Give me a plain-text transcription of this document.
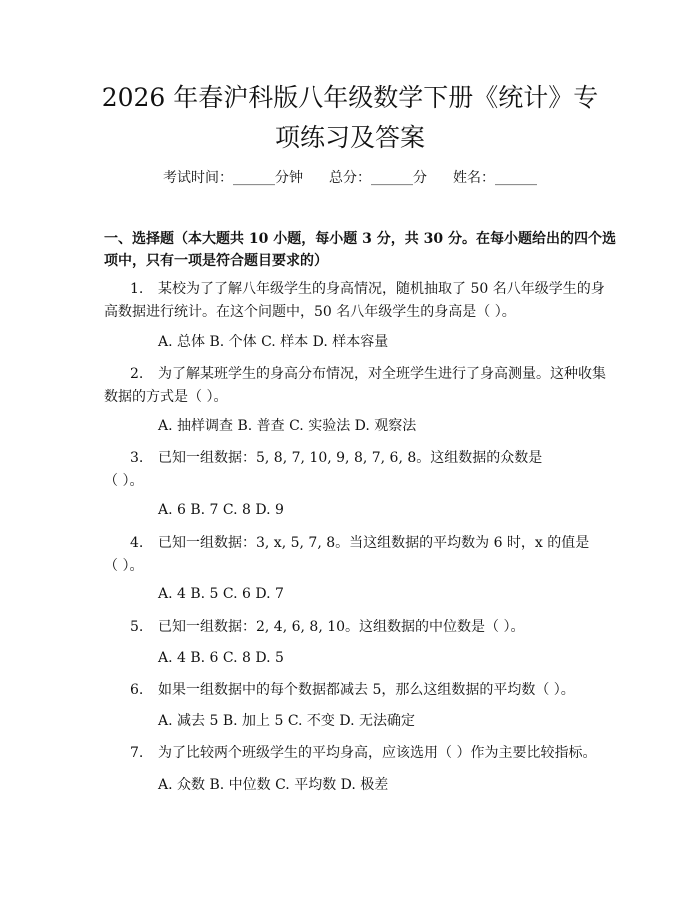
2026 年春沪科版八年级数学下册《统计》专
项练习及答案
考试时间：______分钟 总分：______分 姓名：______
一、选择题（本大题共 10 小题，每小题 3 分，共 30 分。在每小题给出的四个选
项中，只有一项是符合题目要求的）
1. 某校为了了解八年级学生的身高情况，随机抽取了 50 名八年级学生的身
高数据进行统计。在这个问题中，50 名八年级学生的身高是（ ）。
A. 总体 B. 个体 C. 样本 D. 样本容量
2. 为了解某班学生的身高分布情况，对全班学生进行了身高测量。这种收集
数据的方式是（ ）。
A. 抽样调查 B. 普查 C. 实验法 D. 观察法
3. 已知一组数据：5, 8, 7, 10, 9, 8, 7, 6, 8。这组数据的众数是
（ ）。
A. 6 B. 7 C. 8 D. 9
4. 已知一组数据：3, x, 5, 7, 8。当这组数据的平均数为 6 时，x 的值是
（ ）。
A. 4 B. 5 C. 6 D. 7
5. 已知一组数据：2, 4, 6, 8, 10。这组数据的中位数是（ ）。
A. 4 B. 6 C. 8 D. 5
6. 如果一组数据中的每个数据都减去 5，那么这组数据的平均数（ ）。
A. 减去 5 B. 加上 5 C. 不变 D. 无法确定
7. 为了比较两个班级学生的平均身高，应该选用（ ）作为主要比较指标。
A. 众数 B. 中位数 C. 平均数 D. 极差
